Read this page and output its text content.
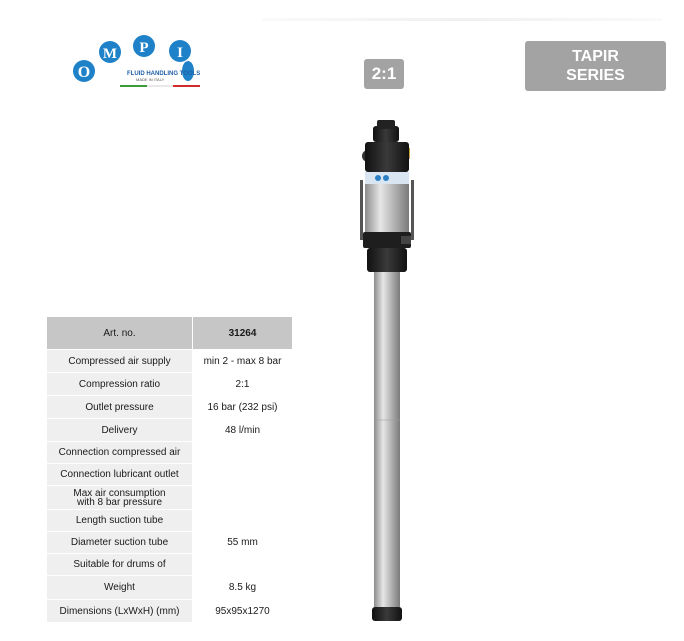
O
M P I
FLUID HANDLING TOOLS
MADE IN ITALY	2:1
TAPIR
SERIES
Art. no.	31264
Compressed air supply	min 2 - max 8 bar
Compression ratio	2:1
Outlet pressure	16 bar (232 psi)
Delivery	48 l/min
Connection compressed air	
Connection lubricant outlet	
Max air consumption
with 8 bar pressure	
Length suction tube	
Diameter suction tube	55 mm
Suitable for drums of	
Weight	8.5 kg
Dimensions (LxWxH) (mm)	95x95x1270
